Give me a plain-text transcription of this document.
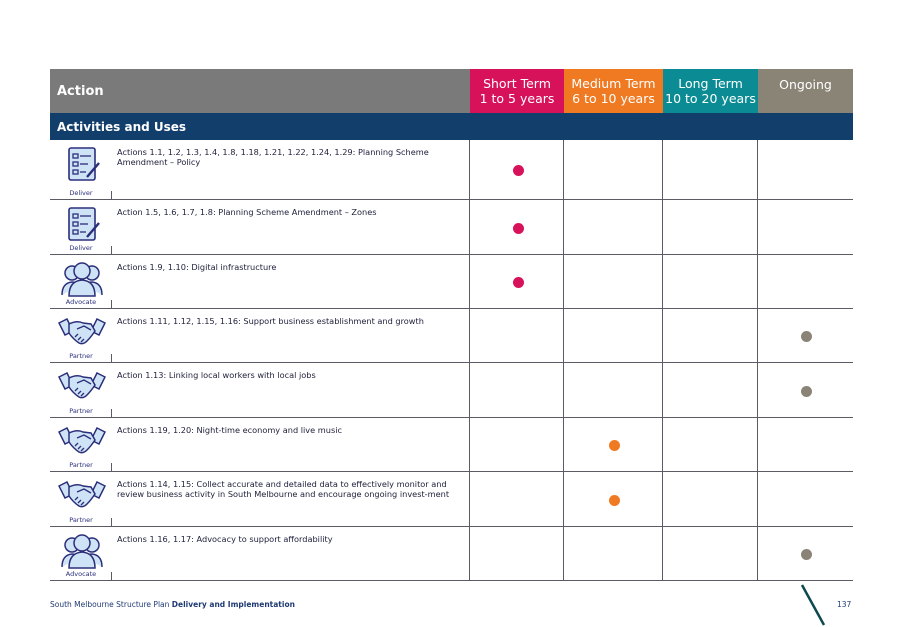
Action	Short Term
1 to 5 years
Medium Term
6 to 10 years
Long Term
10 to 20 years
Ongoing
Activities and Uses
Deliver
Actions 1.1, 1.2, 1.3, 1.4, 1.8, 1.18, 1.21, 1.22, 1.24, 1.29: Planning Scheme Amendment – Policy
Deliver
Action 1.5, 1.6, 1.7, 1.8: Planning Scheme Amendment – Zones
Advocate
Actions 1.9, 1.10: Digital infrastructure
Partner
Actions 1.11, 1.12, 1.15, 1.16: Support business establishment and growth
Partner
Action 1.13: Linking local workers with local jobs
Partner
Actions 1.19, 1.20: Night-time economy and live music
Partner
Actions 1.14, 1.15: Collect accurate and detailed data to effectively monitor and review business activity in South Melbourne and encourage ongoing invest-ment
Advocate
Actions 1.16, 1.17: Advocacy to support affordability
South Melbourne Structure Plan Delivery and Implementation	137
